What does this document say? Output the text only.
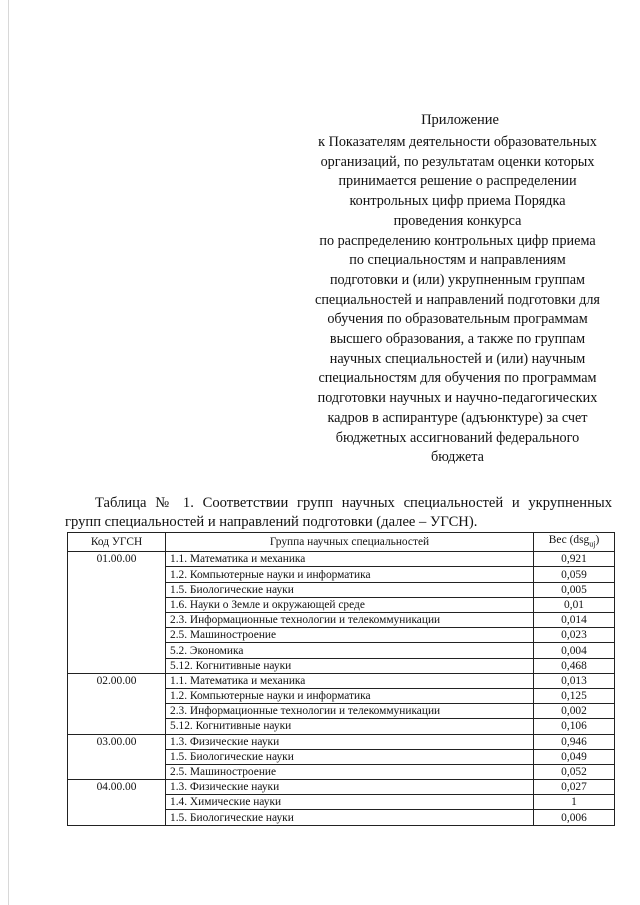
Приложение
к Показателям деятельности образовательных
организаций, по результатам оценки которых
принимается решение о распределении
контрольных цифр приема Порядка
проведения конкурса
по распределению контрольных цифр приема
по специальностям и направлениям
подготовки и (или) укрупненным группам
специальностей и направлений подготовки для
обучения по образовательным программам
высшего образования, а также по группам
научных специальностей и (или) научным
специальностям для обучения по программам
подготовки научных и научно-педагогических
кадров в аспирантуре (адъюнктуре) за счет
бюджетных ассигнований федерального
бюджета
Таблица № 1. Соответствии групп научных специальностей и укрупненных
групп специальностей и направлений подготовки (далее – УГСН).
Код УГСН	Группа научных специальностей	Вес (dsg$_{uj}$)
01.00.00	1.1. Математика и механика	0,921
	1.2. Компьютерные науки и информатика	0,059
	1.5. Биологические науки	0,005
	1.6. Науки о Земле и окружающей среде	0,01
	2.3. Информационные технологии и телекоммуникации	0,014
	2.5. Машиностроение	0,023
	5.2. Экономика	0,004
	5.12. Когнитивные науки	0,468
02.00.00	1.1. Математика и механика	0,013
	1.2. Компьютерные науки и информатика	0,125
	2.3. Информационные технологии и телекоммуникации	0,002
	5.12. Когнитивные науки	0,106
03.00.00	1.3. Физические науки	0,946
	1.5. Биологические науки	0,049
	2.5. Машиностроение	0,052
04.00.00	1.3. Физические науки	0,027
	1.4. Химические науки	1
	1.5. Биологические науки	0,006
